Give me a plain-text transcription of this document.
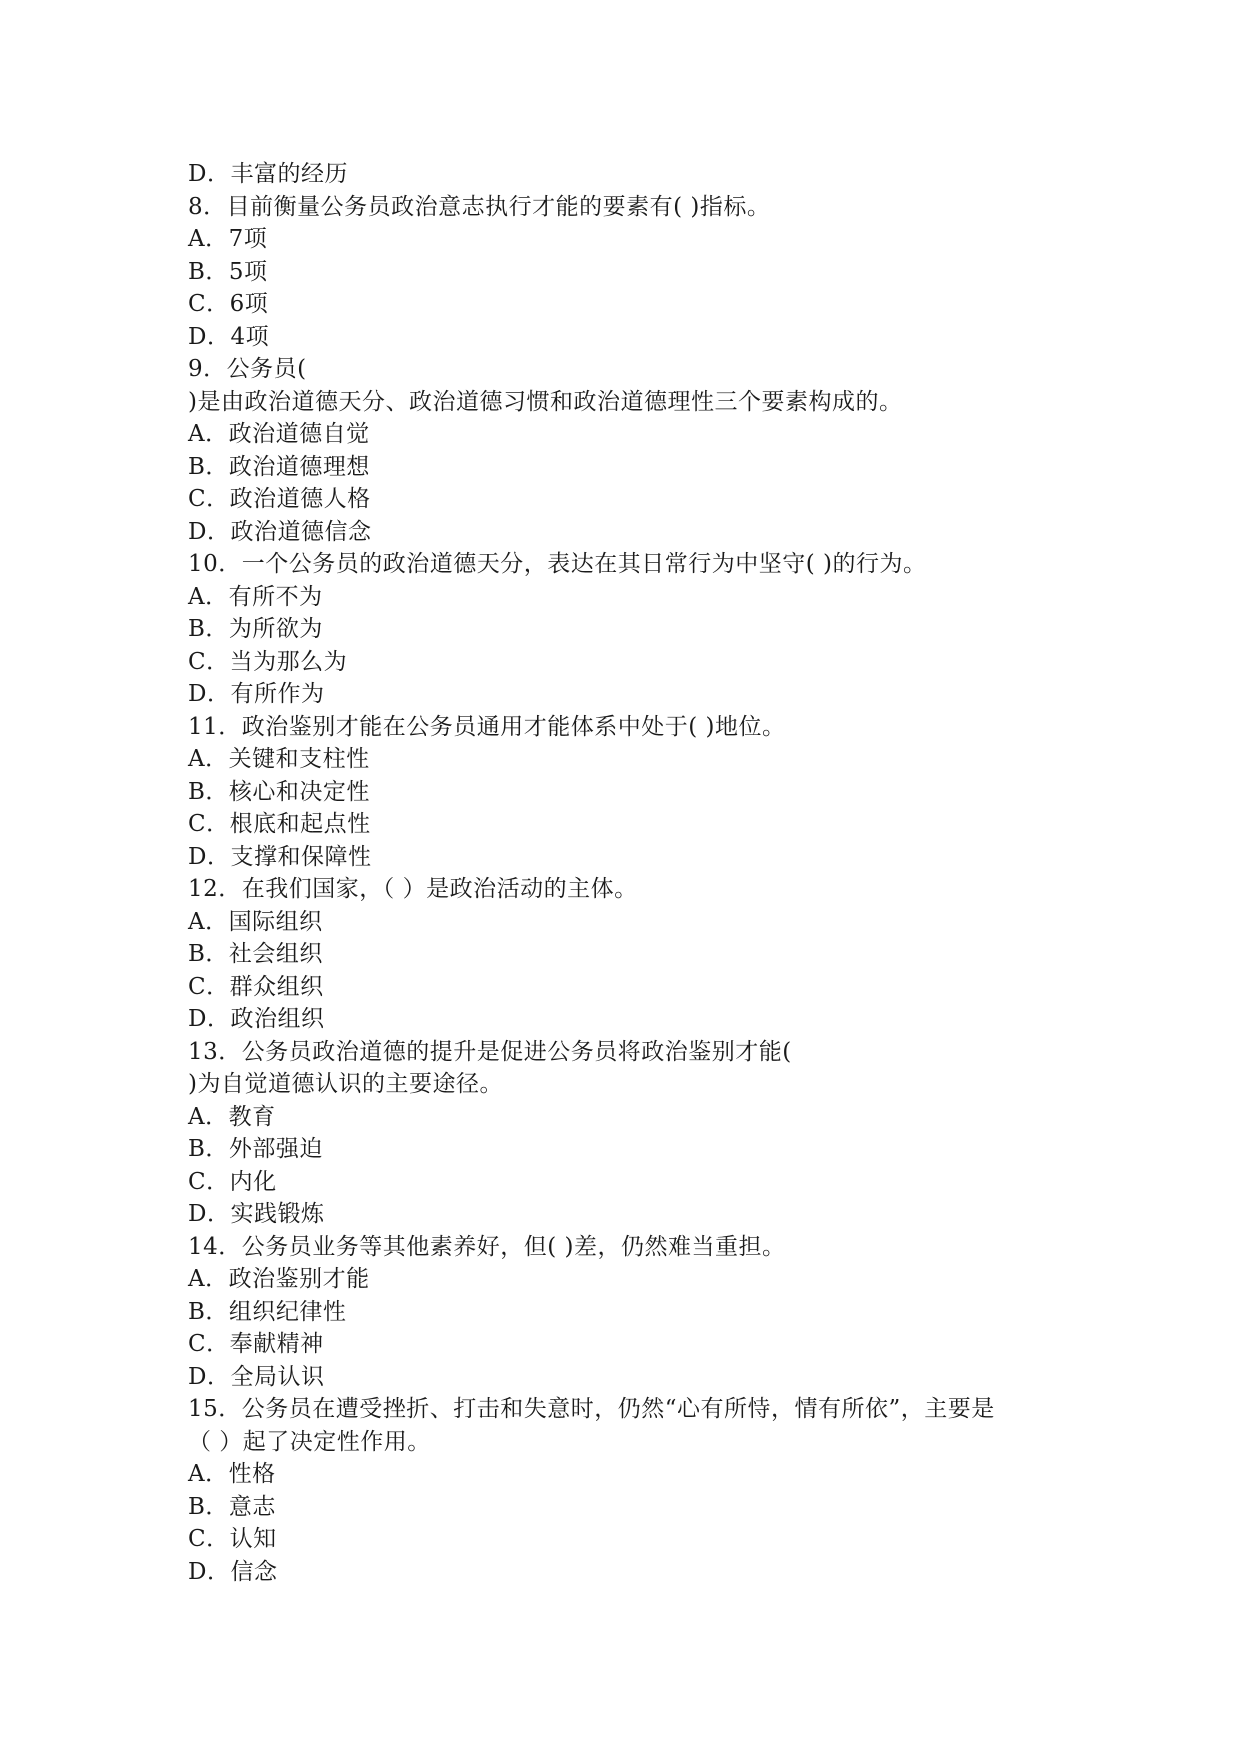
D．丰富的经历
8．目前衡量公务员政治意志执行才能的要素有( )指标。
A．7项
B．5项
C．6项
D．4项
9．公务员(
)是由政治道德天分、政治道德习惯和政治道德理性三个要素构成的。
A．政治道德自觉
B．政治道德理想
C．政治道德人格
D．政治道德信念
10．一个公务员的政治道德天分，表达在其日常行为中坚守( )的行为。
A．有所不为
B．为所欲为
C．当为那么为
D．有所作为
11．政治鉴别才能在公务员通用才能体系中处于( )地位。
A．关键和支柱性
B．核心和决定性
C．根底和起点性
D．支撑和保障性
12．在我们国家，（ ）是政治活动的主体。
A．国际组织
B．社会组织
C．群众组织
D．政治组织
13．公务员政治道德的提升是促进公务员将政治鉴别才能(
)为自觉道德认识的主要途径。
A．教育
B．外部强迫
C．内化
D．实践锻炼
14．公务员业务等其他素养好，但( )差，仍然难当重担。
A．政治鉴别才能
B．组织纪律性
C．奉献精神
D．全局认识
15．公务员在遭受挫折、打击和失意时，仍然“心有所恃，情有所依”，主要是
（ ）起了决定性作用。
A．性格
B．意志
C．认知
D．信念
